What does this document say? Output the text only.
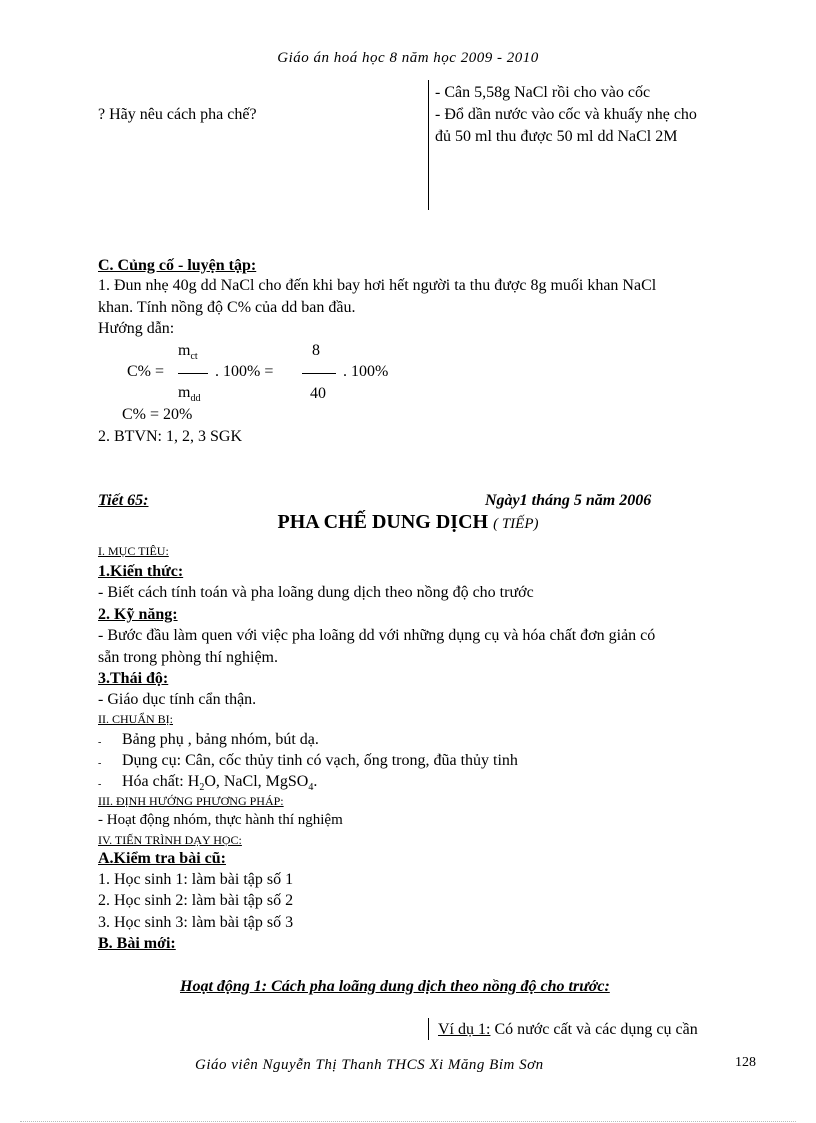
Giáo án hoá học 8 năm học 2009 - 2010
? Hãy nêu cách pha chế?
- Cân 5,58g NaCl rồi cho vào cốc
- Đổ dần nước vào cốc và khuấy nhẹ cho
đủ 50 ml thu được 50 ml dd NaCl 2M
C. Củng cố - luyện tập:
1. Đun nhẹ 40g dd NaCl cho đến khi bay hơi hết người ta thu được 8g muối khan NaCl
khan. Tính nồng độ C% của dd ban đầu.
Hướng dẫn:
$m_{ct}$
C% =	. 100% =
$m_{dd}$
8
. 100%
40
C% = 20%
2. BTVN: 1, 2, 3 SGK
Tiết 65:	Ngày1 tháng 5 năm 2006
PHA CHẾ DUNG DỊCH ( TIẾP)
I. MỤC TIÊU:
1.Kiến thức:
- Biết cách tính toán và pha loãng dung dịch theo nồng độ cho trước
2. Kỹ năng:
- Bước đầu làm quen với việc pha loãng dd với những dụng cụ và hóa chất đơn giản có
sẵn trong phòng thí nghiệm.
3.Thái độ:
- Giáo dục tính cẩn thận.
II. CHUẨN BỊ:
- Bảng phụ , bảng nhóm, bút dạ.
- Dụng cụ: Cân, cốc thủy tinh có vạch, ống trong, đũa thủy tinh
- Hóa chất: $H_2O$, NaCl, MgSO$_4$.
III. ĐỊNH HƯỚNG PHƯƠNG PHÁP:
- Hoạt động nhóm, thực hành thí nghiệm
IV. TIẾN TRÌNH DẠY HỌC:
A.Kiểm tra bài cũ:
1. Học sinh 1: làm bài tập số 1
2. Học sinh 2: làm bài tập số 2
3. Học sinh 3: làm bài tập số 3
B. Bài mới:
Hoạt động 1: Cách pha loãng dung dịch theo nồng độ cho trước:
Ví dụ 1: Có nước cất và các dụng cụ cần
Giáo viên Nguyễn Thị Thanh THCS Xi Măng Bỉm Sơn	128
